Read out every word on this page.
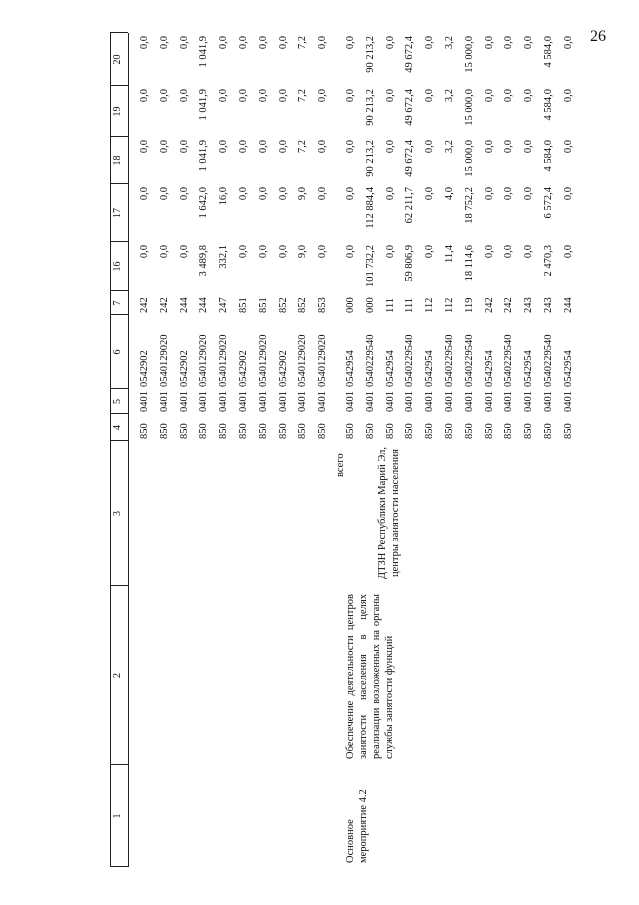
26
1
2
3
4
5
6
7
16
17
18
19
20
Основное мероприятие 4.2
Обеспечение деятельности центров занятости населения в целях реализации возложенных на органы службы занятости функций
всего	ДТЗН Республики Марий Эл, центры занятости населения
850
0401
0542902
242
0,0
0,0
0,0
0,0
0,0
850
0401
0540129020
242
0,0
0,0
0,0
0,0
0,0
850
0401
0542902
244
0,0
0,0
0,0
0,0
0,0
850
0401
0540129020
244
3 489,8
1 642,0
1 041,9
1 041,9
1 041,9
850
0401
0540129020
247
332,1
16,0
0,0
0,0
0,0
850
0401
0542902
851
0,0
0,0
0,0
0,0
0,0
850
0401
0540129020
851
0,0
0,0
0,0
0,0
0,0
850
0401
0542902
852
0,0
0,0
0,0
0,0
0,0
850
0401
0540129020
852
9,0
9,0
7,2
7,2
7,2
850
0401
0540129020
853
0,0
0,0
0,0
0,0
0,0
850
0401
0542954
000
0,0
0,0
0,0
0,0
0,0
850
0401
0540229540
000
101 732,2
112 884,4
90 213,2
90 213,2
90 213,2
850
0401
0542954
111
0,0
0,0
0,0
0,0
0,0
850
0401
0540229540
111
59 806,9
62 211,7
49 672,4
49 672,4
49 672,4
850
0401
0542954
112
0,0
0,0
0,0
0,0
0,0
850
0401
0540229540
112
11,4
4,0
3,2
3,2
3,2
850
0401
0540229540
119
18 114,6
18 752,2
15 000,0
15 000,0
15 000,0
850
0401
0542954
242
0,0
0,0
0,0
0,0
0,0
850
0401
0540229540
242
0,0
0,0
0,0
0,0
0,0
850
0401
0542954
243
0,0
0,0
0,0
0,0
0,0
850
0401
0540229540
243
2 470,3
6 572,4
4 584,0
4 584,0
4 584,0
850
0401
0542954
244
0,0
0,0
0,0
0,0
0,0
